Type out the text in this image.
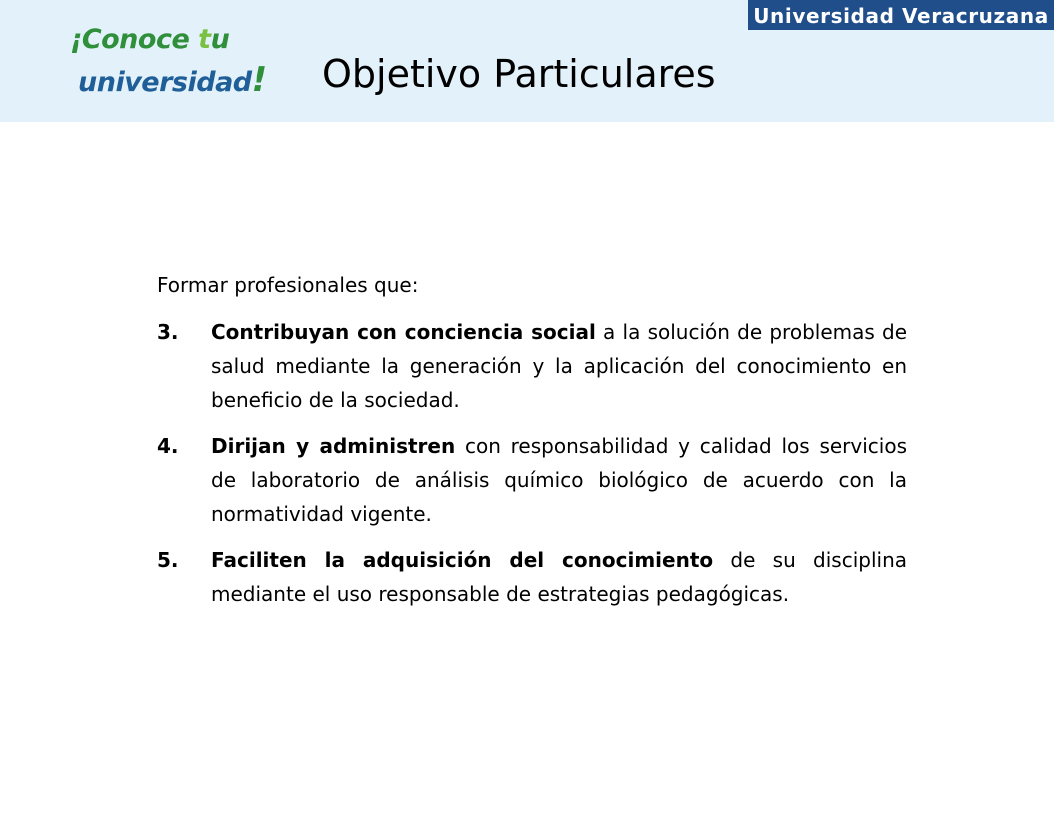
Universidad Veracruzana
¡Conoce tu
universidad! Objetivo Particulares

Formar profesionales que:

3.	Contribuyan con conciencia social a la solución de problemas de salud mediante la generación y la aplicación del conocimiento en beneficio de la sociedad.
4.	Dirijan y administren con responsabilidad y calidad los servicios de laboratorio de análisis químico biológico de acuerdo con la normatividad vigente.
5.	Faciliten la adquisición del conocimiento de su disciplina mediante el uso responsable de estrategias pedagógicas.
